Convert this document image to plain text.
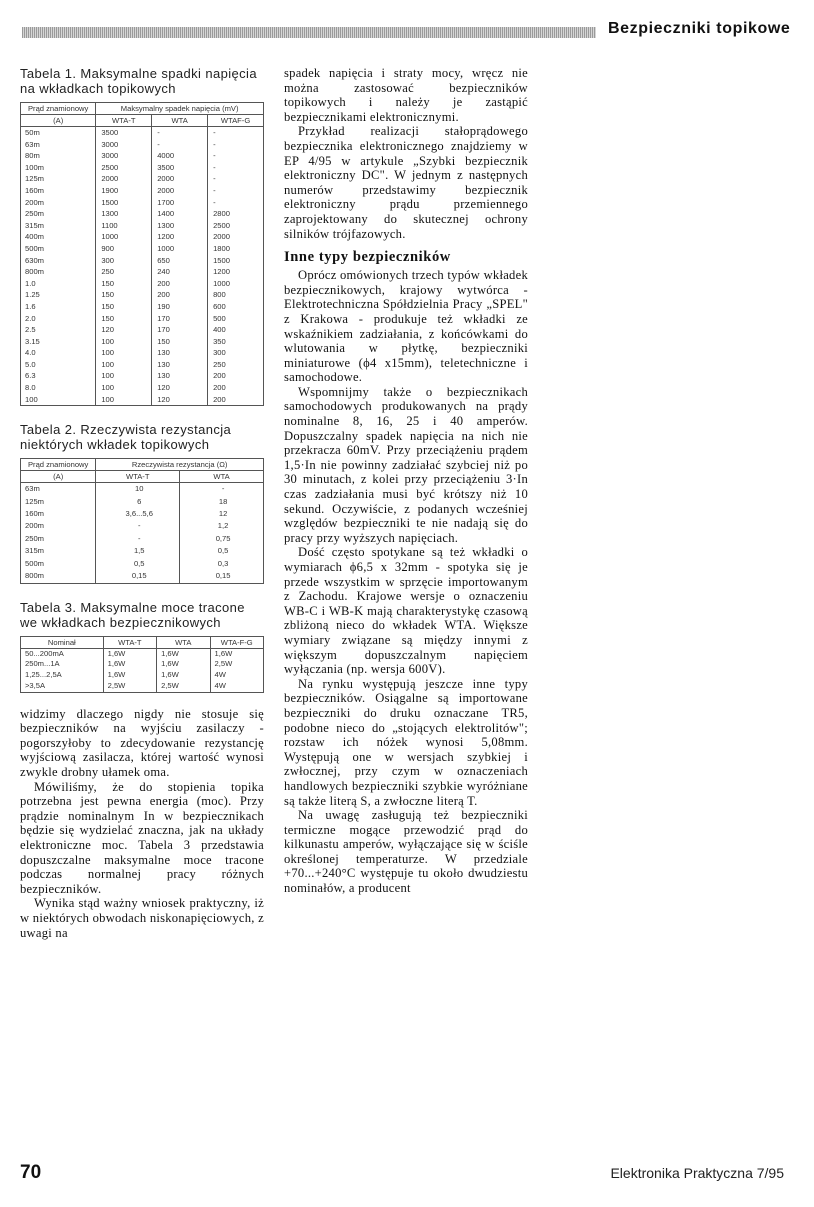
Bezpieczniki topikowe

Tabela 1. Maksymalne spadki napięcia na wkładkach topikowych

Prąd znamionowy	Maksymalny spadek napięcia (mV)		
(A)	WTA-T	WTA	WTAF-G
50m	3500	-	-
63m	3000	-	-
80m	3000	4000	-
100m	2500	3500	-
125m	2000	2000	-
160m	1900	2000	-
200m	1500	1700	-
250m	1300	1400	2800
315m	1100	1300	2500
400m	1000	1200	2000
500m	900	1000	1800
630m	300	650	1500
800m	250	240	1200
1.0	150	200	1000
1.25	150	200	800
1.6	150	190	600
2.0	150	170	500
2.5	120	170	400
3.15	100	150	350
4.0	100	130	300
5.0	100	130	250
6.3	100	130	200
8.0	100	120	200
100	100	120	200

Tabela 2. Rzeczywista rezystancja niektórych wkładek topikowych

Prąd znamionowy	Rzeczywista rezystancja (Ω)	
(A)	WTA-T	WTA
63m	10	-
125m	6	18
160m	3,6...5,6	12
200m	-	1,2
250m	-	0,75
315m	1,5	0,5
500m	0,5	0,3
800m	0,15	0,15

Tabela 3. Maksymalne moce tracone we wkładkach bezpiecznikowych

Nominał	WTA-T	WTA	WTA-F-G
50...200mA	1,6W	1,6W	1,6W
250m...1A	1,6W	1,6W	2,5W
1,25...2,5A	1,6W	1,6W	4W
>3,5A	2,5W	2,5W	4W

widzimy dlaczego nigdy nie stosuje się bezpieczników na wyjściu zasilaczy - pogorszyłoby to zdecydowanie rezystancję wyjściową zasilacza, której wartość wynosi zwykle drobny ułamek oma.

Mówiliśmy, że do stopienia topika potrzebna jest pewna energia (moc). Przy prądzie nominalnym In w bezpiecznikach będzie się wydzielać znaczna, jak na układy elektroniczne moc. Tabela 3 przedstawia dopuszczalne maksymalne moce tracone podczas normalnej pracy różnych bezpieczników.

Wynika stąd ważny wniosek praktyczny, iż w niektórych obwodach niskonapięciowych, z uwagi na

spadek napięcia i straty mocy, wręcz nie można zastosować bezpieczników topikowych i należy je zastąpić bezpiecznikami elektronicznymi.

Przykład realizacji stałoprądowego bezpiecznika elektronicznego znajdziemy w EP 4/95 w artykule „Szybki bezpiecznik elektroniczny DC". W jednym z następnych numerów przedstawimy bezpiecznik elektroniczny prądu przemiennego zaprojektowany do skutecznej ochrony silników trójfazowych.

Inne typy bezpieczników

Oprócz omówionych trzech typów wkładek bezpiecznikowych, krajowy wytwórca - Elektrotechniczna Spółdzielnia Pracy „SPEL" z Krakowa - produkuje też wkładki ze wskaźnikiem zadziałania, z końcówkami do wlutowania w płytkę, bezpieczniki miniaturowe (ϕ4 x15mm), teletechniczne i samochodowe.

Wspomnijmy także o bezpiecznikach samochodowych produkowanych na prądy nominalne 8, 16, 25 i 40 amperów. Dopuszczalny spadek napięcia na nich nie przekracza 60mV. Przy przeciążeniu prądem 1,5·In nie powinny zadziałać szybciej niż po 30 minutach, z kolei przy przeciążeniu 3·In czas zadziałania musi być krótszy niż 10 sekund. Oczywiście, z podanych wcześniej względów bezpieczniki te nie nadają się do pracy przy wyższych napięciach.

Dość często spotykane są też wkładki o wymiarach ϕ6,5 x 32mm - spotyka się je przede wszystkim w sprzęcie importowanym z Zachodu. Krajowe wersje o oznaczeniu WB-C i WB-K mają charakterystykę czasową zbliżoną nieco do wkładek WTA. Większe wymiary związane są między innymi z większym dopuszczalnym napięciem wyłączania (np. wersja 600V).

Na rynku występują jeszcze inne typy bezpieczników. Osiągalne są importowane bezpieczniki do druku oznaczane TR5, podobne nieco do „stojących elektrolitów"; rozstaw ich nóżek wynosi 5,08mm. Występują one w wersjach szybkiej i zwłocznej, przy czym w oznaczeniach handlowych bezpieczniki szybkie wyróżniane są także literą S, a zwłoczne literą T.

Na uwagę zasługują też bezpieczniki termiczne mogące przewodzić prąd do kilkunastu amperów, wyłączające się w ściśle określonej temperaturze. W przedziale +70...+240°C występuje tu około dwudziestu nominałów, a producent

70	Elektronika Praktyczna 7/95
